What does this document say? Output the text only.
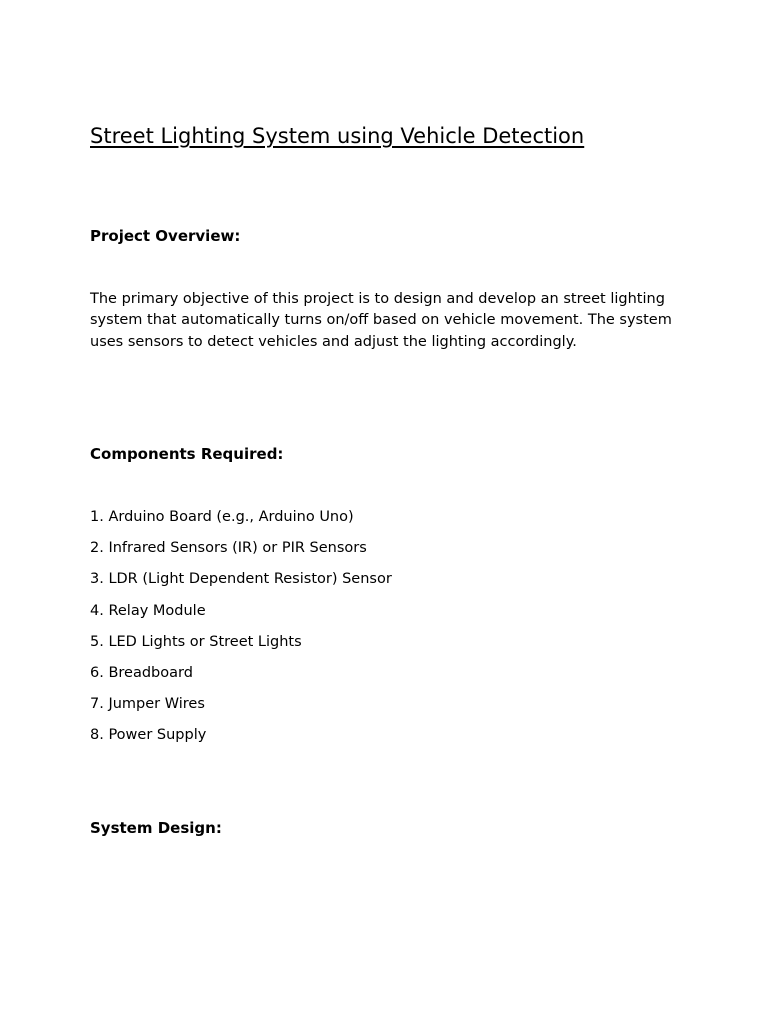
Street Lighting System using Vehicle Detection
Project Overview:

The primary objective of this project is to design and develop an street lighting system that automatically turns on/off based on vehicle movement. The system uses sensors to detect vehicles and adjust the lighting accordingly.

Components Required:
1. Arduino Board (e.g., Arduino Uno)
2. Infrared Sensors (IR) or PIR Sensors
3. LDR (Light Dependent Resistor) Sensor
4. Relay Module
5. LED Lights or Street Lights
6. Breadboard
7. Jumper Wires
8. Power Supply
System Design:
